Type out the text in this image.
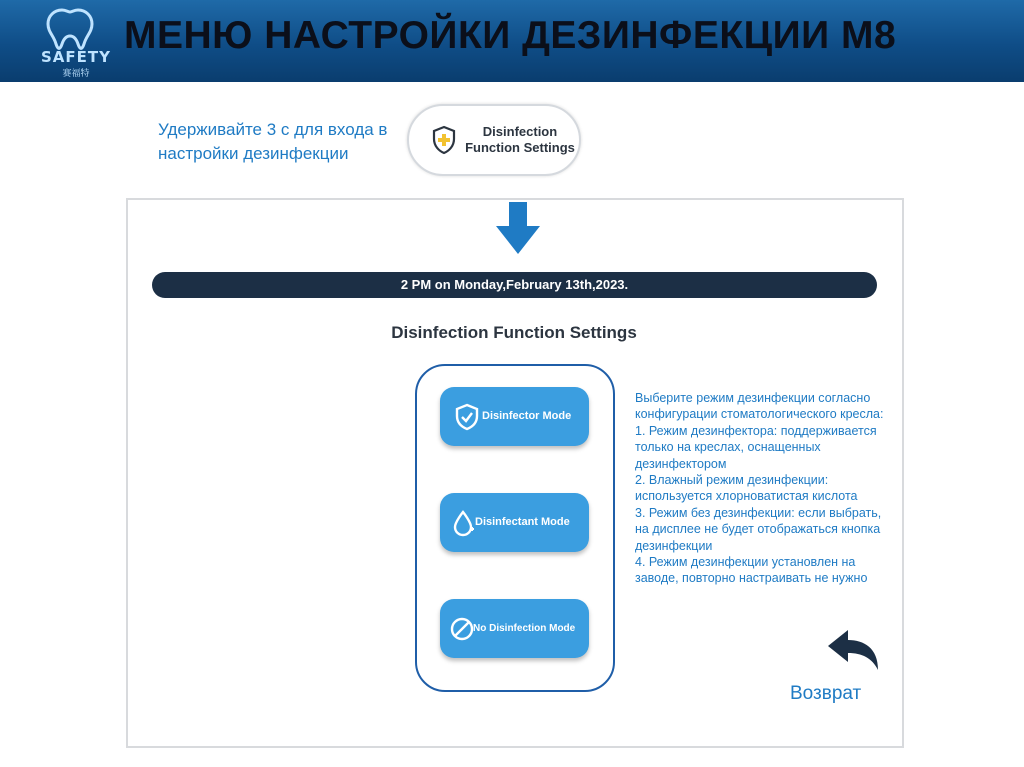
SAFETY
赛福特
МЕНЮ НАСТРОЙКИ ДЕЗИНФЕКЦИИ М8
Удерживайте 3 с для входа в настройки дезинфекции
Disinfection
Function Settings
2 PM on Monday,February 13th,2023.
Disinfection Function Settings
Disinfector Mode
Disinfectant Mode
No Disinfection Mode

Выберите режим дезинфекции согласно конфигурации стоматологического кресла:

1. Режим дезинфектора: поддерживается только на креслах, оснащенных дезинфектором

2. Влажный режим дезинфекции: используется хлорноватистая кислота

3. Режим без дезинфекции: если выбрать, на дисплее не будет отображаться кнопка дезинфекции

4. Режим дезинфекции установлен на заводе, повторно настраивать не нужно

Возврат
